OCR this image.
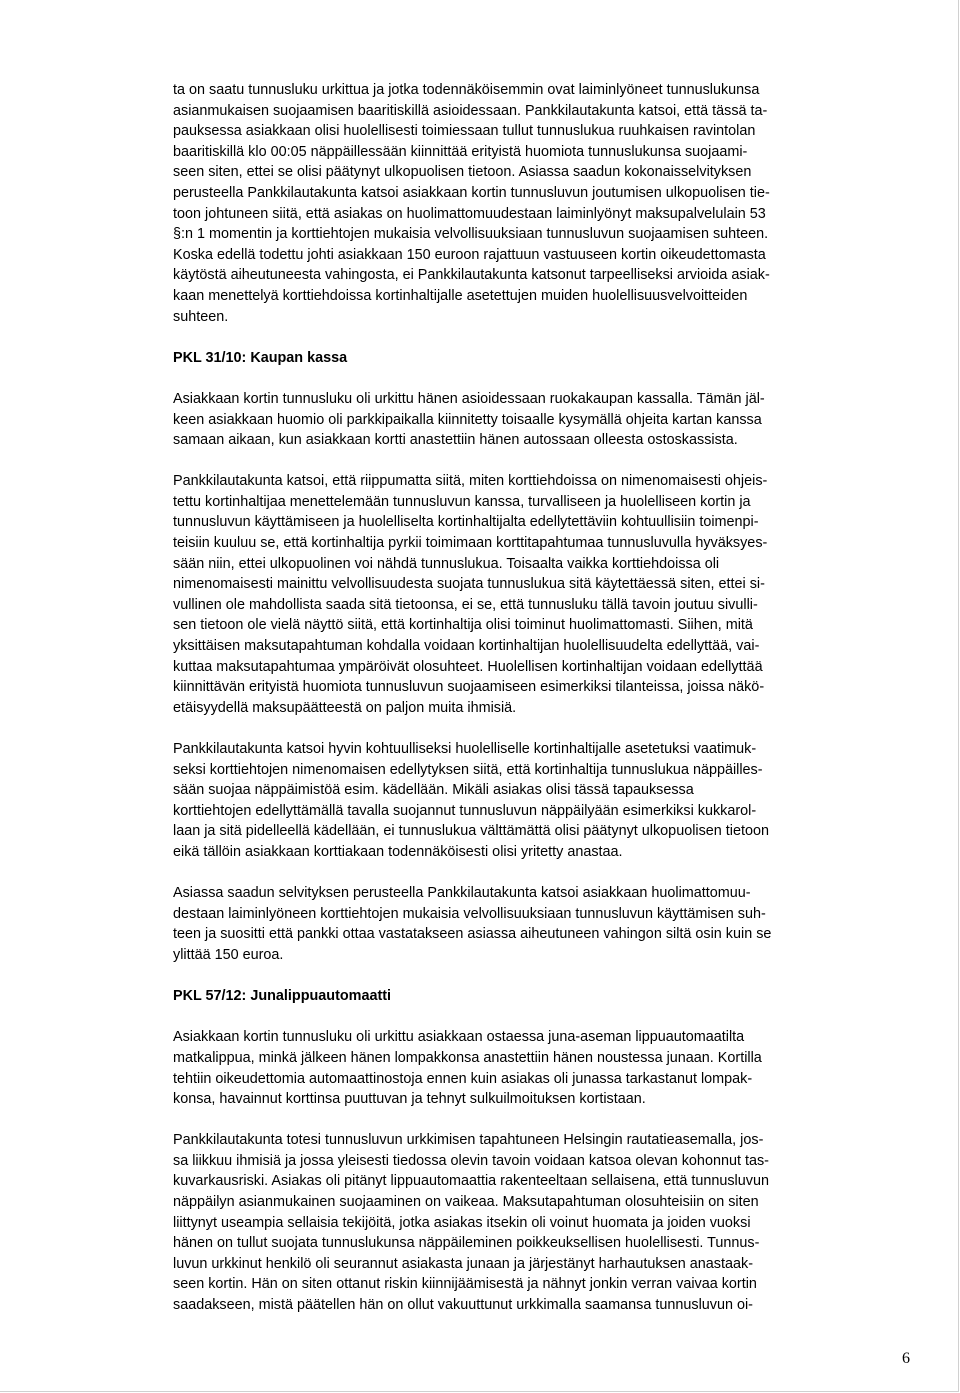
ta on saatu tunnusluku urkittua ja jotka todennäköisemmin ovat laiminlyöneet tunnuslukunsa
asianmukaisen suojaamisen baaritiskillä asioidessaan. Pankkilautakunta katsoi, että tässä ta-
pauksessa asiakkaan olisi huolellisesti toimiessaan tullut tunnuslukua ruuhkaisen ravintolan
baaritiskillä klo 00:05 näppäillessään kiinnittää erityistä huomiota tunnuslukunsa suojaami-
seen siten, ettei se olisi päätynyt ulkopuolisen tietoon. Asiassa saadun kokonaisselvityksen
perusteella Pankkilautakunta katsoi asiakkaan kortin tunnusluvun joutumisen ulkopuolisen tie-
toon johtuneen siitä, että asiakas on huolimattomuudestaan laiminlyönyt maksupalvelulain 53
§:n 1 momentin ja korttiehtojen mukaisia velvollisuuksiaan tunnusluvun suojaamisen suhteen.
Koska edellä todettu johti asiakkaan 150 euroon rajattuun vastuuseen kortin oikeudettomasta
käytöstä aiheutuneesta vahingosta, ei Pankkilautakunta katsonut tarpeelliseksi arvioida asiak-
kaan menettelyä korttiehdoissa kortinhaltijalle asetettujen muiden huolellisuusvelvoitteiden
suhteen.

PKL 31/10: Kaupan kassa

Asiakkaan kortin tunnusluku oli urkittu hänen asioidessaan ruokakaupan kassalla. Tämän jäl-
keen asiakkaan huomio oli parkkipaikalla kiinnitetty toisaalle kysymällä ohjeita kartan kanssa
samaan aikaan, kun asiakkaan kortti anastettiin hänen autossaan olleesta ostoskassista.

Pankkilautakunta katsoi, että riippumatta siitä, miten korttiehdoissa on nimenomaisesti ohjeis-
tettu kortinhaltijaa menettelemään tunnusluvun kanssa, turvalliseen ja huolelliseen kortin ja
tunnusluvun käyttämiseen ja huolelliselta kortinhaltijalta edellytettäviin kohtuullisiin toimenpi-
teisiin kuuluu se, että kortinhaltija pyrkii toimimaan korttitapahtumaa tunnusluvulla hyväksyes-
sään niin, ettei ulkopuolinen voi nähdä tunnuslukua. Toisaalta vaikka korttiehdoissa oli
nimenomaisesti mainittu velvollisuudesta suojata tunnuslukua sitä käytettäessä siten, ettei si-
vullinen ole mahdollista saada sitä tietoonsa, ei se, että tunnusluku tällä tavoin joutuu sivulli-
sen tietoon ole vielä näyttö siitä, että kortinhaltija olisi toiminut huolimattomasti. Siihen, mitä
yksittäisen maksutapahtuman kohdalla voidaan kortinhaltijan huolellisuudelta edellyttää, vai-
kuttaa maksutapahtumaa ympäröivät olosuhteet. Huolellisen kortinhaltijan voidaan edellyttää
kiinnittävän erityistä huomiota tunnusluvun suojaamiseen esimerkiksi tilanteissa, joissa näkö-
etäisyydellä maksupäätteestä on paljon muita ihmisiä.

Pankkilautakunta katsoi hyvin kohtuulliseksi huolelliselle kortinhaltijalle asetetuksi vaatimuk-
seksi korttiehtojen nimenomaisen edellytyksen siitä, että kortinhaltija tunnuslukua näppäilles-
sään suojaa näppäimistöä esim. kädellään. Mikäli asiakas olisi tässä tapauksessa
korttiehtojen edellyttämällä tavalla suojannut tunnusluvun näppäilyään esimerkiksi kukkarol-
laan ja sitä pidelleellä kädellään, ei tunnuslukua välttämättä olisi päätynyt ulkopuolisen tietoon
eikä tällöin asiakkaan korttiakaan todennäköisesti olisi yritetty anastaa.

Asiassa saadun selvityksen perusteella Pankkilautakunta katsoi asiakkaan huolimattomuu-
destaan laiminlyöneen korttiehtojen mukaisia velvollisuuksiaan tunnusluvun käyttämisen suh-
teen ja suositti että pankki ottaa vastatakseen asiassa aiheutuneen vahingon siltä osin kuin se
ylittää 150 euroa.

PKL 57/12: Junalippuautomaatti

Asiakkaan kortin tunnusluku oli urkittu asiakkaan ostaessa juna-aseman lippuautomaatilta
matkalippua, minkä jälkeen hänen lompakkonsa anastettiin hänen noustessa junaan. Kortilla
tehtiin oikeudettomia automaattinostoja ennen kuin asiakas oli junassa tarkastanut lompak-
konsa, havainnut korttinsa puuttuvan ja tehnyt sulkuilmoituksen kortistaan.

Pankkilautakunta totesi tunnusluvun urkkimisen tapahtuneen Helsingin rautatieasemalla, jos-
sa liikkuu ihmisiä ja jossa yleisesti tiedossa olevin tavoin voidaan katsoa olevan kohonnut tas-
kuvarkausriski. Asiakas oli pitänyt lippuautomaattia rakenteeltaan sellaisena, että tunnusluvun
näppäilyn asianmukainen suojaaminen on vaikeaa. Maksutapahtuman olosuhteisiin on siten
liittynyt useampia sellaisia tekijöitä, jotka asiakas itsekin oli voinut huomata ja joiden vuoksi
hänen on tullut suojata tunnuslukunsa näppäileminen poikkeuksellisen huolellisesti. Tunnus-
luvun urkkinut henkilö oli seurannut asiakasta junaan ja järjestänyt harhautuksen anastaak-
seen kortin. Hän on siten ottanut riskin kiinnijäämisestä ja nähnyt jonkin verran vaivaa kortin
saadakseen, mistä päätellen hän on ollut vakuuttunut urkkimalla saamansa tunnusluvun oi-

6
